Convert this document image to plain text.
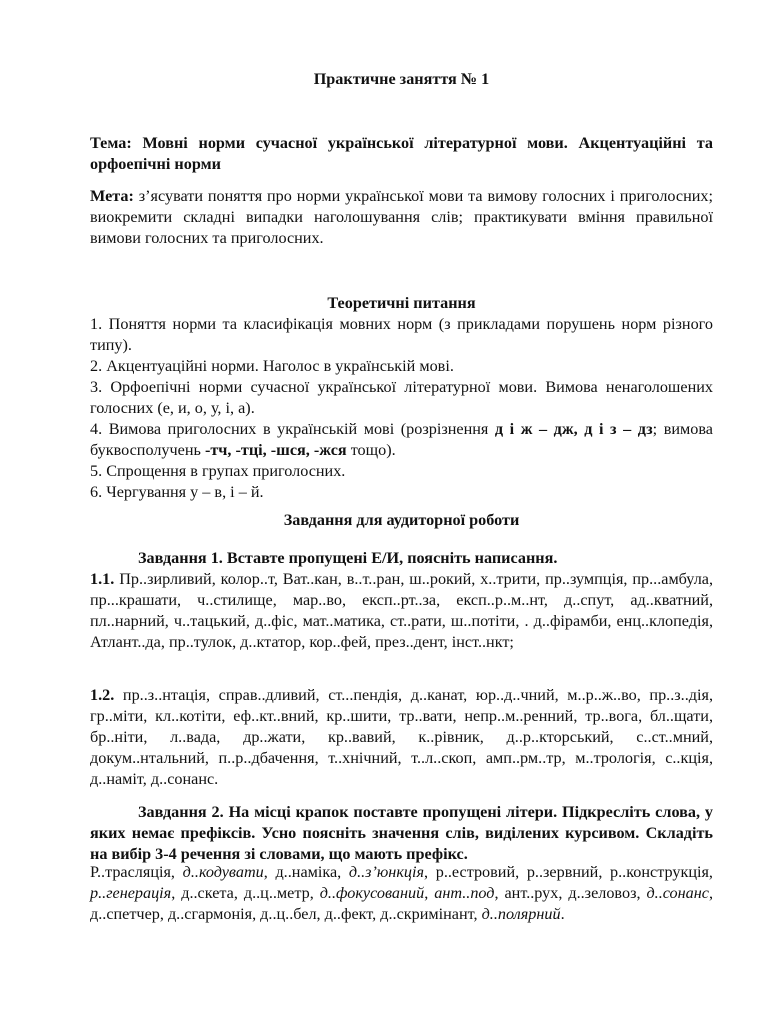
Практичне заняття № 1

Тема: Мовні норми сучасної української літературної мови. Акцентуаційні та орфоепічні норми

Мета: з’ясувати поняття про норми української мови та вимову голосних і приголосних; виокремити складні випадки наголошування слів; практикувати вміння правильної вимови голосних та приголосних.

Теоретичні питання

1. Поняття норми та класифікація мовних норм (з прикладами порушень норм різного типу).
2. Акцентуаційні норми. Наголос в українській мові.
3. Орфоепічні норми сучасної української літературної мови. Вимова ненаголошених голосних (е, и, о, у, і, а).
4. Вимова приголосних в українській мові (розрізнення д і ж – дж, д і з – дз; вимова буквосполучень -тч, -тці, -шся, -жся тощо).
5. Спрощення в групах приголосних.
6. Чергування у – в, і – й.

Завдання для аудиторної роботи

Завдання 1. Вставте пропущені Е/И, поясніть написання.

1.1. Пр..зирливий, колор..т, Ват..кан, в..т..ран, ш..рокий, х..трити, пр..зумпція, пр...амбула, пр...крашати, ч..стилище, мар..во, експ..рт..за, експ..р..м..нт, д..спут, ад..кватний, пл..нарний, ч..тацький, д..фіс, мат..матика, ст..рати, ш..потіти, . д..фірамби, енц..клопедія, Атлант..да, пр..тулок, д..ктатор, кор..фей, през..дент, інст..нкт;

1.2. пр..з..нтація, справ..дливий, ст...пендія, д..канат, юр..д..чний, м..р..ж..во, пр..з..дія, гр..міти, кл..котіти, еф..кт..вний, кр..шити, тр..вати, непр..м..ренний, тр..вога, бл..щати, бр..ніти, л..вада, др..жати, кр..вавий, к..рівник, д..р..кторський, с..ст..мний, докум..нтальний, п..р..дбачення, т..хнічний, т..л..скоп, амп..рм..тр, м..трологія, с..кція, д..наміт, д..сонанс.

Завдання 2. На місці крапок поставте пропущені літери. Підкресліть слова, у яких немає префіксів. Усно поясніть значення слів, виділених курсивом. Складіть на вибір 3-4 речення зі словами, що мають префікс.

Р..трасляція, д..кодувати, д..наміка, д..з’юнкція, р..естровий, р..зервний, р..конструкція, р..генерація, д..скета, д..ц..метр, д..фокусований, ант..под, ант..рух, д..зеловоз, д..сонанс, д..спетчер, д..сгармонія, д..ц..бел, д..фект, д..скримінант, д..полярний.
